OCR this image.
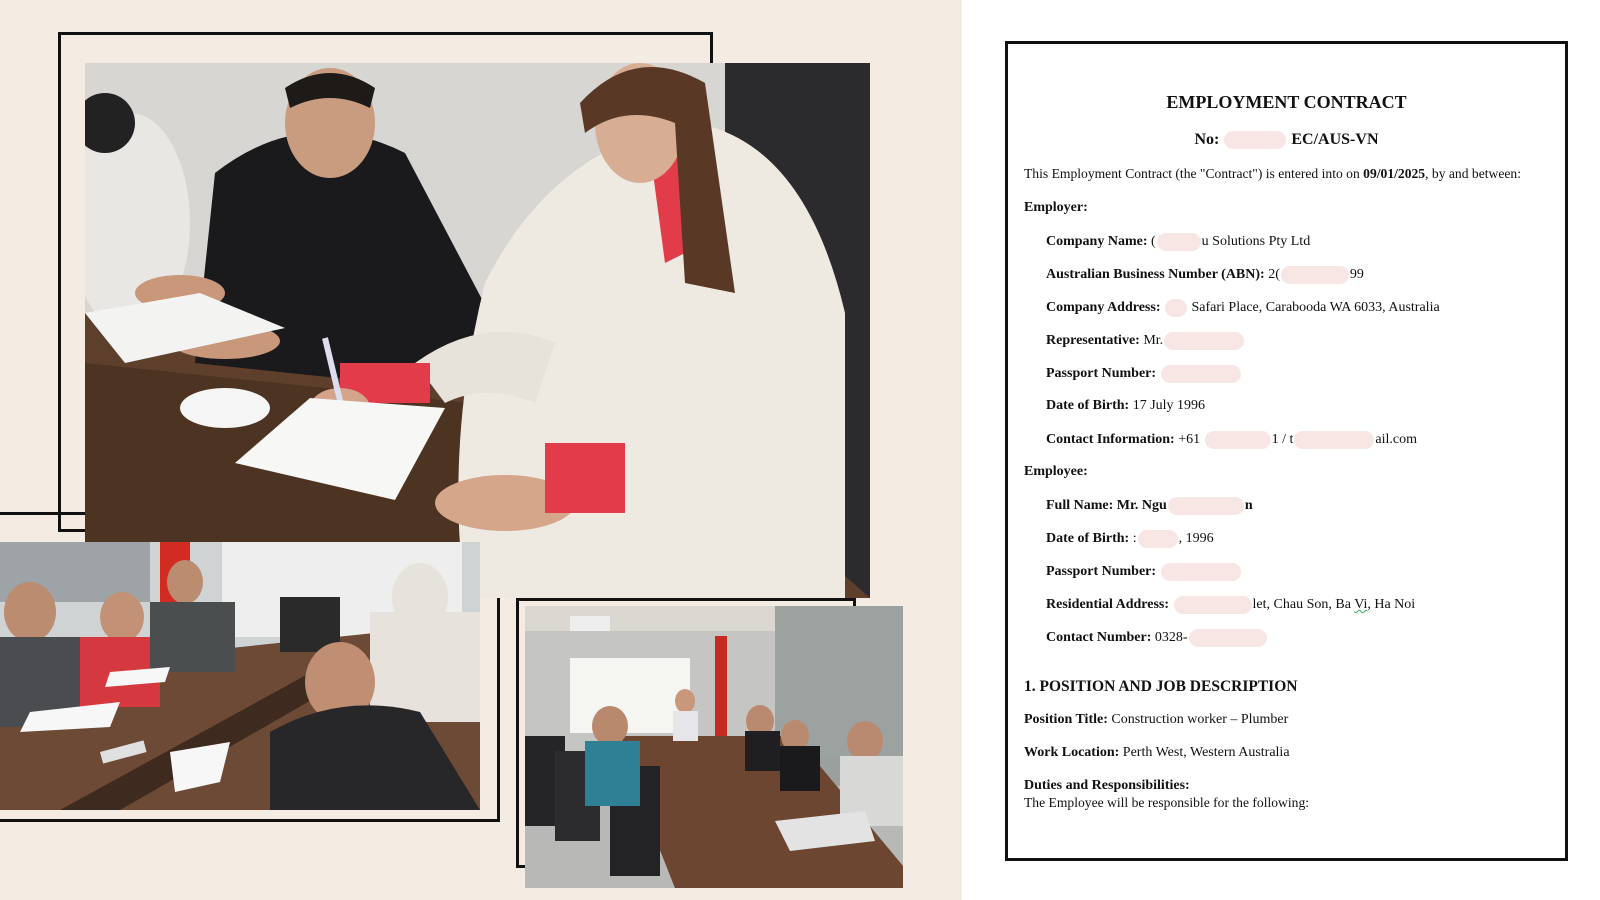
EMPLOYMENT CONTRACT
No:	EC/AUS-VN
This Employment Contract (the "Contract") is entered into on 09/01/2025, by and between:
Employer:
Company Name: (	u Solutions Pty Ltd
Australian Business Number (ABN): 2(	99
Company Address: Safari Place, Carabooda WA 6033, Australia
Representative: Mr.
Passport Number:
Date of Birth: 17 July 1996
Contact Information: +61	1 / t	ail.com
Employee:
Full Name: Mr. Ngu	n
Date of Birth: :	, 1996
Passport Number:
Residential Address:	let, Chau Son, Ba Vi, Ha Noi
Contact Number: 0328-
1. POSITION AND JOB DESCRIPTION
Position Title: Construction worker – Plumber
Work Location: Perth West, Western Australia
Duties and Responsibilities:
The Employee will be responsible for the following:
